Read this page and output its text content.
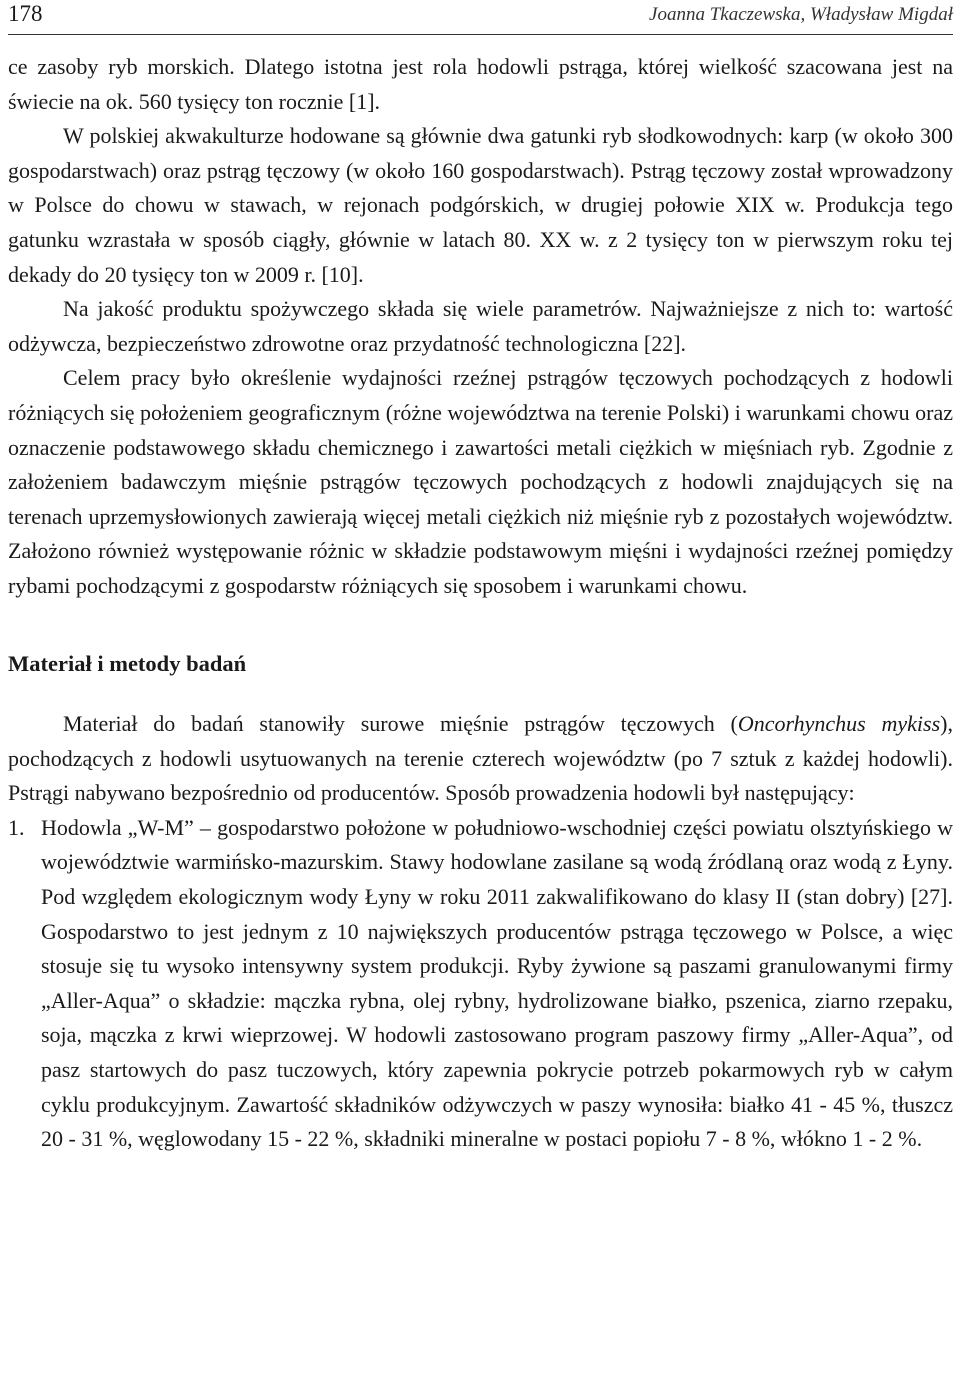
178	Joanna Tkaczewska, Władysław Migdał

ce zasoby ryb morskich. Dlatego istotna jest rola hodowli pstrąga, której wielkość szacowana jest na świecie na ok. 560 tysięcy ton rocznie [1].

W polskiej akwakulturze hodowane są głównie dwa gatunki ryb słodkowodnych: karp (w około 300 gospodarstwach) oraz pstrąg tęczowy (w około 160 gospodarstwach). Pstrąg tęczowy został wprowadzony w Polsce do chowu w stawach, w rejonach podgórskich, w drugiej połowie XIX w. Produkcja tego gatunku wzrastała w sposób ciągły, głównie w latach 80. XX w. z 2 tysięcy ton w pierwszym roku tej dekady do 20 tysięcy ton w 2009 r. [10].

Na jakość produktu spożywczego składa się wiele parametrów. Najważniejsze z nich to: wartość odżywcza, bezpieczeństwo zdrowotne oraz przydatność technologiczna [22].

Celem pracy było określenie wydajności rzeźnej pstrągów tęczowych pochodzących z hodowli różniących się położeniem geograficznym (różne województwa na terenie Polski) i warunkami chowu oraz oznaczenie podstawowego składu chemicznego i zawartości metali ciężkich w mięśniach ryb. Zgodnie z założeniem badawczym mięśnie pstrągów tęczowych pochodzących z hodowli znajdujących się na terenach uprzemysłowionych zawierają więcej metali ciężkich niż mięśnie ryb z pozostałych województw. Założono również występowanie różnic w składzie podstawowym mięśni i wydajności rzeźnej pomiędzy rybami pochodzącymi z gospodarstw różniących się sposobem i warunkami chowu.

Materiał i metody badań

Materiał do badań stanowiły surowe mięśnie pstrągów tęczowych (Oncorhynchus mykiss), pochodzących z hodowli usytuowanych na terenie czterech województw (po 7 sztuk z każdej hodowli). Pstrągi nabywano bezpośrednio od producentów. Sposób prowadzenia hodowli był następujący:

1. Hodowla „W-M” – gospodarstwo położone w południowo-wschodniej części powiatu olsztyńskiego w województwie warmińsko-mazurskim. Stawy hodowlane zasilane są wodą źródlaną oraz wodą z Łyny. Pod względem ekologicznym wody Łyny w roku 2011 zakwalifikowano do klasy II (stan dobry) [27]. Gospodarstwo to jest jednym z 10 największych producentów pstrąga tęczowego w Polsce, a więc stosuje się tu wysoko intensywny system produkcji. Ryby żywione są paszami granulowanymi firmy „Aller-Aqua” o składzie: mączka rybna, olej rybny, hydrolizowane białko, pszenica, ziarno rzepaku, soja, mączka z krwi wieprzowej. W hodowli zastosowano program paszowy firmy „Aller-Aqua”, od pasz startowych do pasz tuczowych, który zapewnia pokrycie potrzeb pokarmowych ryb w całym cyklu produkcyjnym. Zawartość składników odżywczych w paszy wynosiła: białko 41 - 45 %, tłuszcz 20 - 31 %, węglowodany 15 - 22 %, składniki mineralne w postaci popiołu 7 - 8 %, włókno 1 - 2 %.
